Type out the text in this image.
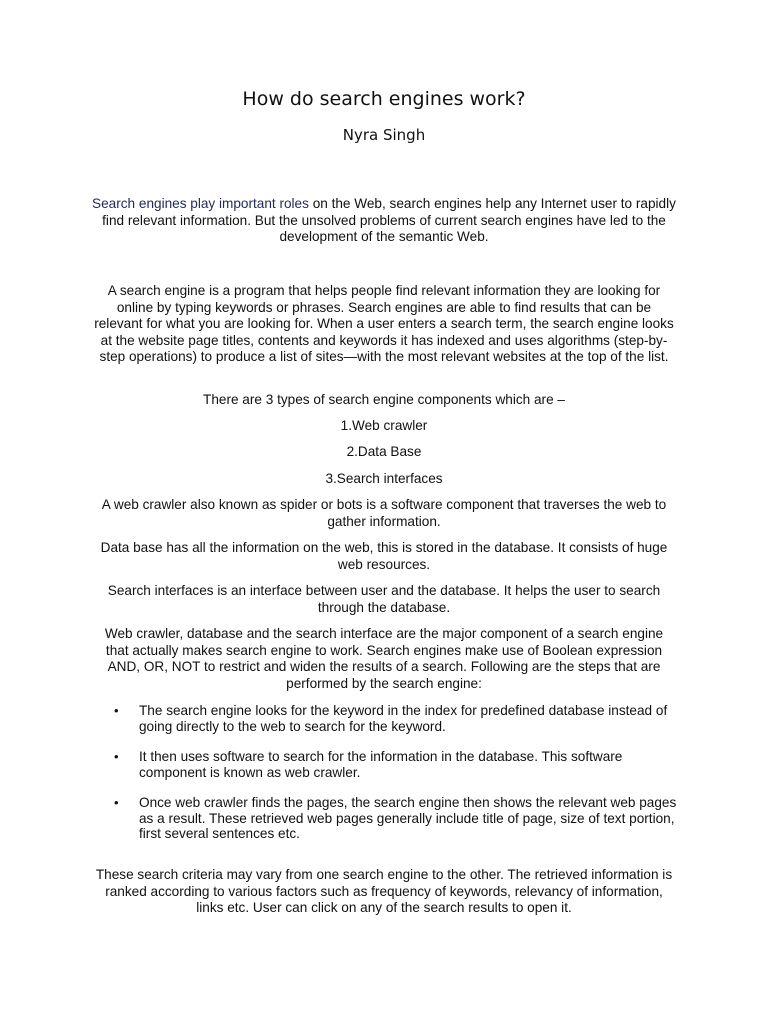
How do search engines work?
Nyra Singh

Search engines play important roles on the Web, search engines help any Internet user to rapidly find relevant information. But the unsolved problems of current search engines have led to the development of the semantic Web.

A search engine is a program that helps people find relevant information they are looking for online by typing keywords or phrases. Search engines are able to find results that can be relevant for what you are looking for. When a user enters a search term, the search engine looks at the website page titles, contents and keywords it has indexed and uses algorithms (step-by-step operations) to produce a list of sites—with the most relevant websites at the top of the list.

There are 3 types of search engine components which are –

1.Web crawler

2.Data Base

3.Search interfaces

A web crawler also known as spider or bots is a software component that traverses the web to gather information.

Data base has all the information on the web, this is stored in the database. It consists of huge web resources.

Search interfaces is an interface between user and the database. It helps the user to search through the database.

Web crawler, database and the search interface are the major component of a search engine that actually makes search engine to work. Search engines make use of Boolean expression AND, OR, NOT to restrict and widen the results of a search. Following are the steps that are performed by the search engine:

• The search engine looks for the keyword in the index for predefined database instead of going directly to the web to search for the keyword.
• It then uses software to search for the information in the database. This software component is known as web crawler.
• Once web crawler finds the pages, the search engine then shows the relevant web pages as a result. These retrieved web pages generally include title of page, size of text portion, first several sentences etc.

These search criteria may vary from one search engine to the other. The retrieved information is ranked according to various factors such as frequency of keywords, relevancy of information, links etc. User can click on any of the search results to open it.
